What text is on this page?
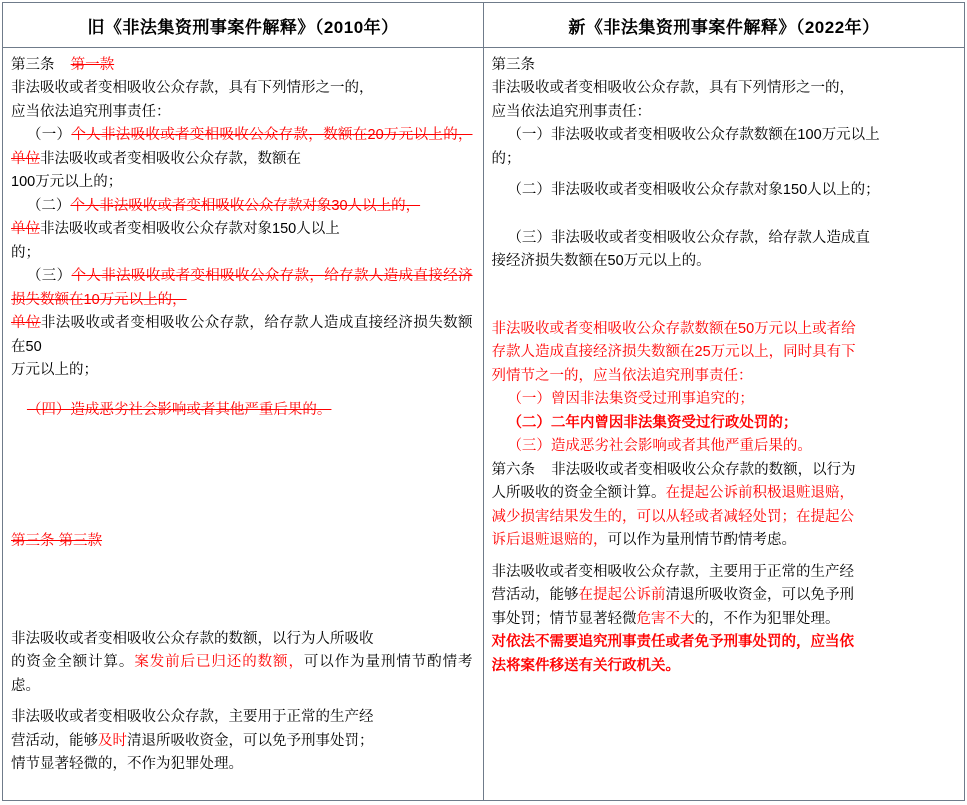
旧《非法集资刑事案件解释》（2010年）	新《非法集资刑事案件解释》（2022年）

第三条 第一款

非法吸收或者变相吸收公众存款，具有下列情形之一的，

应当依法追究刑事责任：

（一）个人非法吸收或者变相吸收公众存款，数额在20万元以上的，单位非法吸收或者变相吸收公众存款，数额在

100万元以上的；

（二）个人非法吸收或者变相吸收公众存款对象30人以上的，

单位非法吸收或者变相吸收公众存款对象150人以上

的；

（三）个人非法吸收或者变相吸收公众存款，给存款人造成直接经济损失数额在10万元以上的，

单位非法吸收或者变相吸收公众存款，给存款人造成直接经济损失数额在50

万元以上的；

（四）造成恶劣社会影响或者其他严重后果的。

第三条 第三款

非法吸收或者变相吸收公众存款的数额，以行为人所吸收

的资金全额计算。案发前后已归还的数额，可以作为量刑情节酌情考虑。

非法吸收或者变相吸收公众存款，主要用于正常的生产经

营活动，能够及时清退所吸收资金，可以免予刑事处罚；

情节显著轻微的，不作为犯罪处理。

第三条

非法吸收或者变相吸收公众存款，具有下列情形之一的，

应当依法追究刑事责任：

（一）非法吸收或者变相吸收公众存款数额在100万元以上

的；

（二）非法吸收或者变相吸收公众存款对象150人以上的；

（三）非法吸收或者变相吸收公众存款，给存款人造成直

接经济损失数额在50万元以上的。

非法吸收或者变相吸收公众存款数额在50万元以上或者给

存款人造成直接经济损失数额在25万元以上，同时具有下

列情节之一的，应当依法追究刑事责任：

（一）曾因非法集资受过刑事追究的；

（二）二年内曾因非法集资受过行政处罚的；

（三）造成恶劣社会影响或者其他严重后果的。

第六条 非法吸收或者变相吸收公众存款的数额，以行为

人所吸收的资金全额计算。在提起公诉前积极退赃退赔，

减少损害结果发生的，可以从轻或者减轻处罚；在提起公

诉后退赃退赔的，可以作为量刑情节酌情考虑。

非法吸收或者变相吸收公众存款，主要用于正常的生产经

营活动，能够在提起公诉前清退所吸收资金，可以免予刑

事处罚；情节显著轻微危害不大的，不作为犯罪处理。

对依法不需要追究刑事责任或者免予刑事处罚的，应当依

法将案件移送有关行政机关。
